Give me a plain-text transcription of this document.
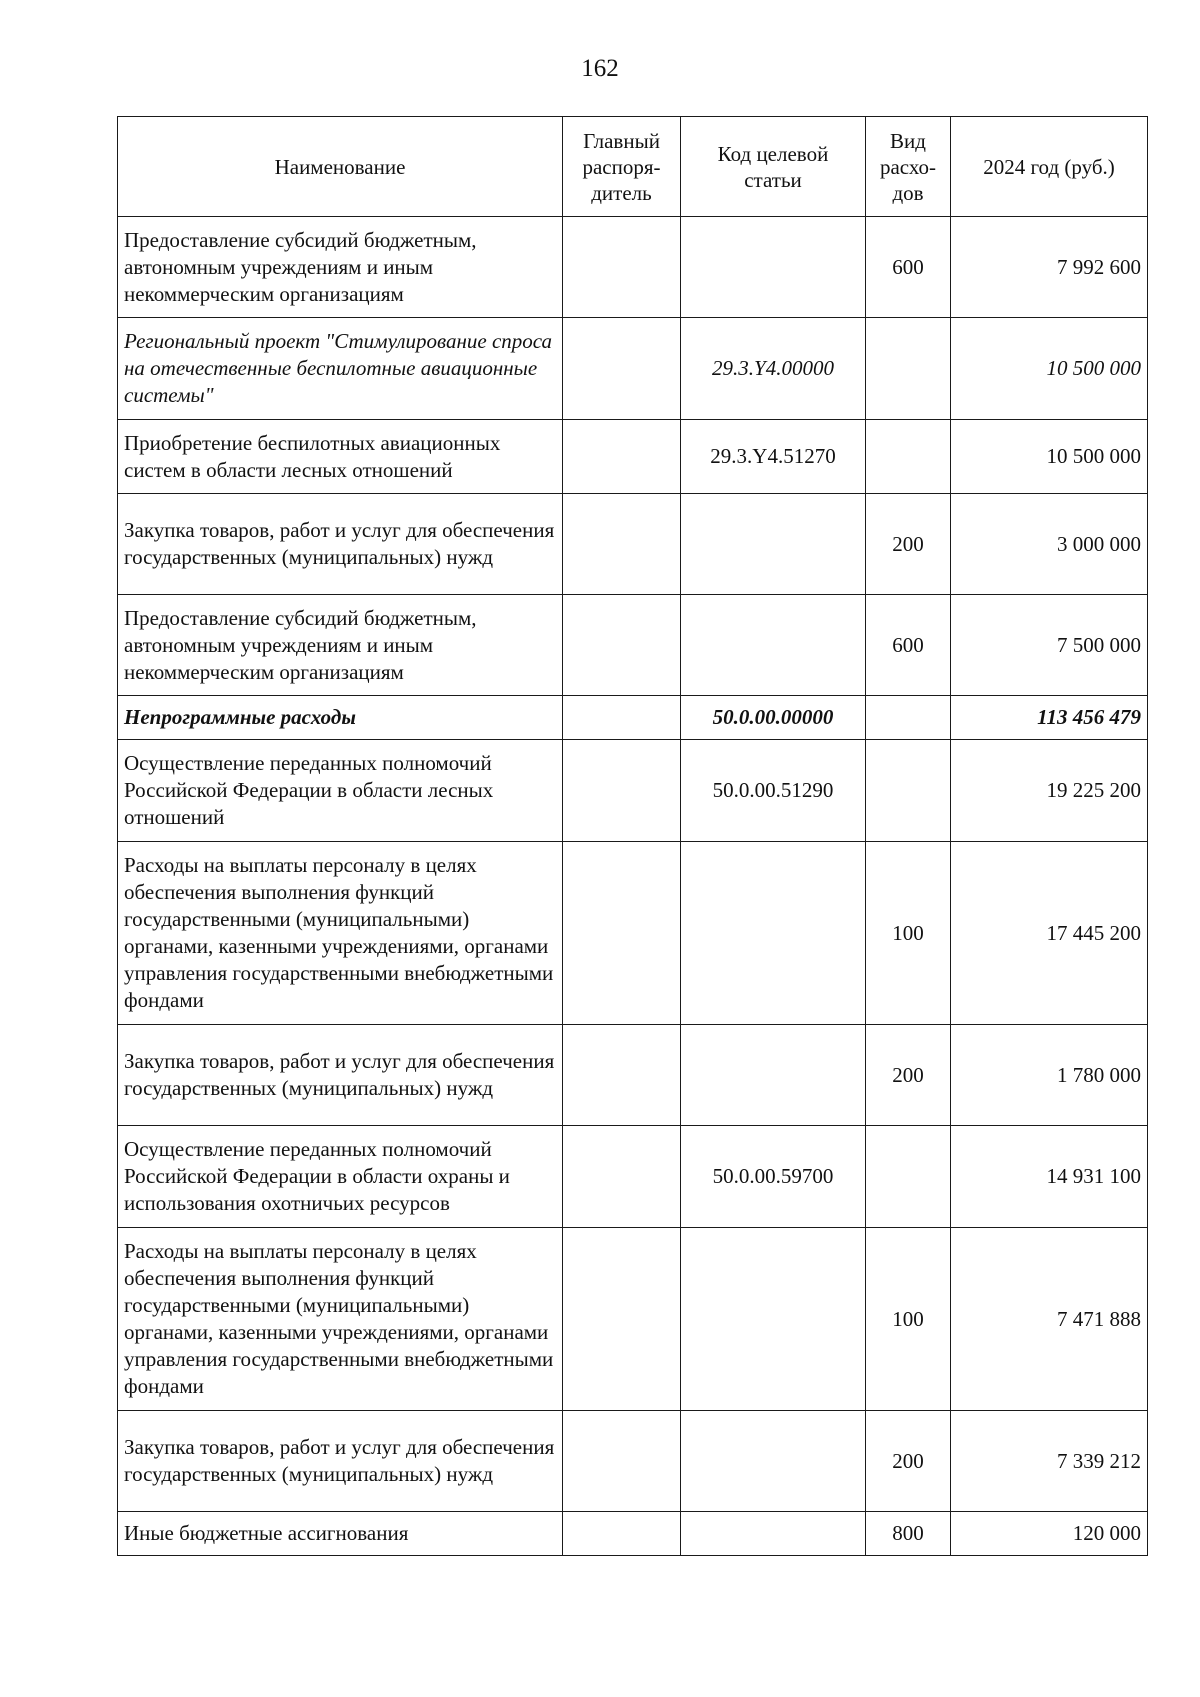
162
Наименование	Главный распоря-дитель	Код целевой статьи	Вид расхо-дов	2024 год (руб.)
Предоставление субсидий бюджетным, автономным учреждениям и иным некоммерческим организациям			600	7 992 600
Региональный проект "Стимулирование спроса на отечественные беспилотные авиационные системы"		29.3.Y4.00000		10 500 000
Приобретение беспилотных авиационных систем в области лесных отношений		29.3.Y4.51270		10 500 000
Закупка товаров, работ и услуг для обеспечения государственных (муниципальных) нужд			200	3 000 000
Предоставление субсидий бюджетным, автономным учреждениям и иным некоммерческим организациям			600	7 500 000
Непрограммные расходы		50.0.00.00000		113 456 479
Осуществление переданных полномочий Российской Федерации в области лесных отношений		50.0.00.51290		19 225 200
Расходы на выплаты персоналу в целях обеспечения выполнения функций государственными (муниципальными) органами, казенными учреждениями, органами управления государственными внебюджетными фондами			100	17 445 200
Закупка товаров, работ и услуг для обеспечения государственных (муниципальных) нужд			200	1 780 000
Осуществление переданных полномочий Российской Федерации в области охраны и использования охотничьих ресурсов		50.0.00.59700		14 931 100
Расходы на выплаты персоналу в целях обеспечения выполнения функций государственными (муниципальными) органами, казенными учреждениями, органами управления государственными внебюджетными фондами			100	7 471 888
Закупка товаров, работ и услуг для обеспечения государственных (муниципальных) нужд			200	7 339 212
Иные бюджетные ассигнования			800	120 000
